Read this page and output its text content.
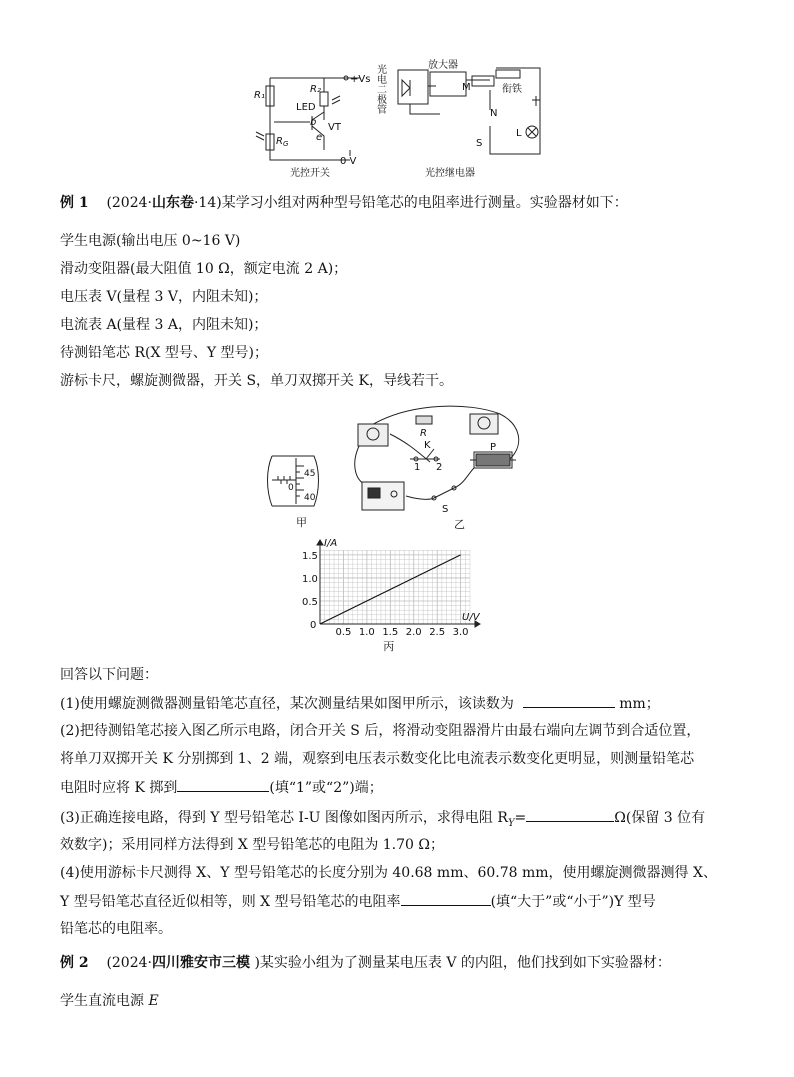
R₁
R₂
LED
b VT
e
$R_G$
+Vs
0 V
光控开关
光电二极管	放大器
M	衔铁
N
S
L
光控继电器
例 1 (2024·山东卷·14)某学习小组对两种型号铅笔芯的电阻率进行测量。实验器材如下：
学生电源(输出电压 0~16 V)
滑动变阻器(最大阻值 10 Ω，额定电流 2 A)；
电压表 V(量程 3 V，内阻未知)；
电流表 A(量程 3 A，内阻未知)；
待测铅笔芯 R(X 型号、Y 型号)；
游标卡尺，螺旋测微器，开关 S，单刀双掷开关 K，导线若干。
0
45
40
甲
R
K
1 2
P
S
乙
0.5 1.0 1.5 2.0 2.5 3.0
0.5
1.0
1.5
0
U/V
I/A
丙
回答以下问题：
(1)使用螺旋测微器测量铅笔芯直径，某次测量结果如图甲所示，该读数为	mm；
(2)把待测铅笔芯接入图乙所示电路，闭合开关 S 后，将滑动变阻器滑片由最右端向左调节到合适位置，
将单刀双掷开关 K 分别掷到 1、2 端，观察到电压表示数变化比电流表示数变化更明显，则测量铅笔芯
电阻时应将 K 掷到	(填“1”或“2”)端；
(3)正确连接电路，得到 Y 型号铅笔芯 I-U 图像如图丙所示，求得电阻 $R_Y=$	Ω(保留 3 位有
效数字)；采用同样方法得到 X 型号铅笔芯的电阻为 1.70 Ω；
(4)使用游标卡尺测得 X、Y 型号铅笔芯的长度分别为 40.68 mm、60.78 mm，使用螺旋测微器测得 X、
Y 型号铅笔芯直径近似相等，则 X 型号铅笔芯的电阻率	(填“大于”或“小于”)Y 型号
铅笔芯的电阻率。
例 2 (2024·四川雅安市三模 )某实验小组为了测量某电压表 V 的内阻，他们找到如下实验器材：
学生直流电源 E
